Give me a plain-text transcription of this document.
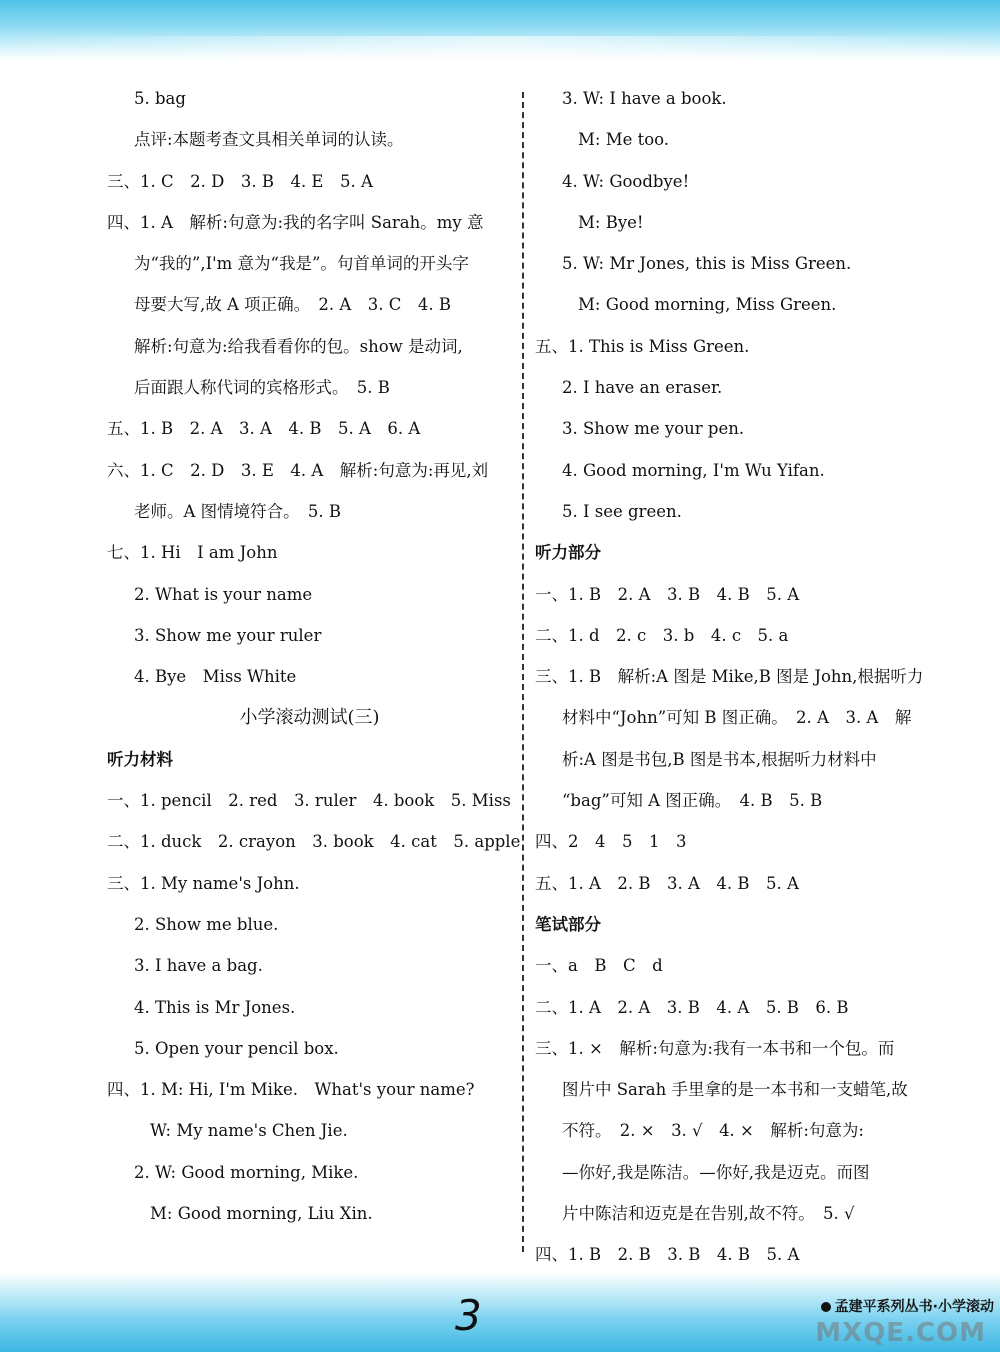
5. bag
点评:本题考查文具相关单词的认读。
三、1. C　2. D　3. B　4. E　5. A
四、1. A　解析:句意为:我的名字叫 Sarah。my 意
为“我的”,I'm 意为“我是”。句首单词的开头字
母要大写,故 A 项正确。　2. A　3. C　4. B
解析:句意为:给我看看你的包。show 是动词,
后面跟人称代词的宾格形式。　5. B
五、1. B　2. A　3. A　4. B　5. A　6. A
六、1. C　2. D　3. E　4. A　解析:句意为:再见,刘
老师。A 图情境符合。　5. B
七、1. Hi　I am John
2. What is your name
3. Show me your ruler
4. Bye　Miss White
小学滚动测试(三)
听力材料
一、1. pencil　2. red　3. ruler　4. book　5. Miss
二、1. duck　2. crayon　3. book　4. cat　5. apple
三、1. My name's John.
2. Show me blue.
3. I have a bag.
4. This is Mr Jones.
5. Open your pencil box.
四、1. M: Hi, I'm Mike.　What's your name?
W: My name's Chen Jie.
2. W: Good morning, Mike.
M: Good morning, Liu Xin.
3. W: I have a book.
M: Me too.
4. W: Goodbye!
M: Bye!
5. W: Mr Jones, this is Miss Green.
M: Good morning, Miss Green.
五、1. This is Miss Green.
2. I have an eraser.
3. Show me your pen.
4. Good morning, I'm Wu Yifan.
5. I see green.
听力部分
一、1. B　2. A　3. B　4. B　5. A
二、1. d　2. c　3. b　4. c　5. a
三、1. B　解析:A 图是 Mike,B 图是 John,根据听力
材料中“John”可知 B 图正确。　2. A　3. A　解
析:A 图是书包,B 图是书本,根据听力材料中
“bag”可知 A 图正确。　4. B　5. B
四、2　4　5　1　3
五、1. A　2. B　3. A　4. B　5. A
笔试部分
一、a　B　C　d
二、1. A　2. A　3. B　4. A　5. B　6. B
三、1. ×　解析:句意为:我有一本书和一个包。而
图片中 Sarah 手里拿的是一本书和一支蜡笔,故
不符。　2. ×　3. √　4. ×　解析:句意为:
—你好,我是陈洁。—你好,我是迈克。而图
片中陈洁和迈克是在告别,故不符。　5. √
四、1. B　2. B　3. B　4. B　5. A
孟建平系列丛书·小学滚动
3	MXQE.COM
